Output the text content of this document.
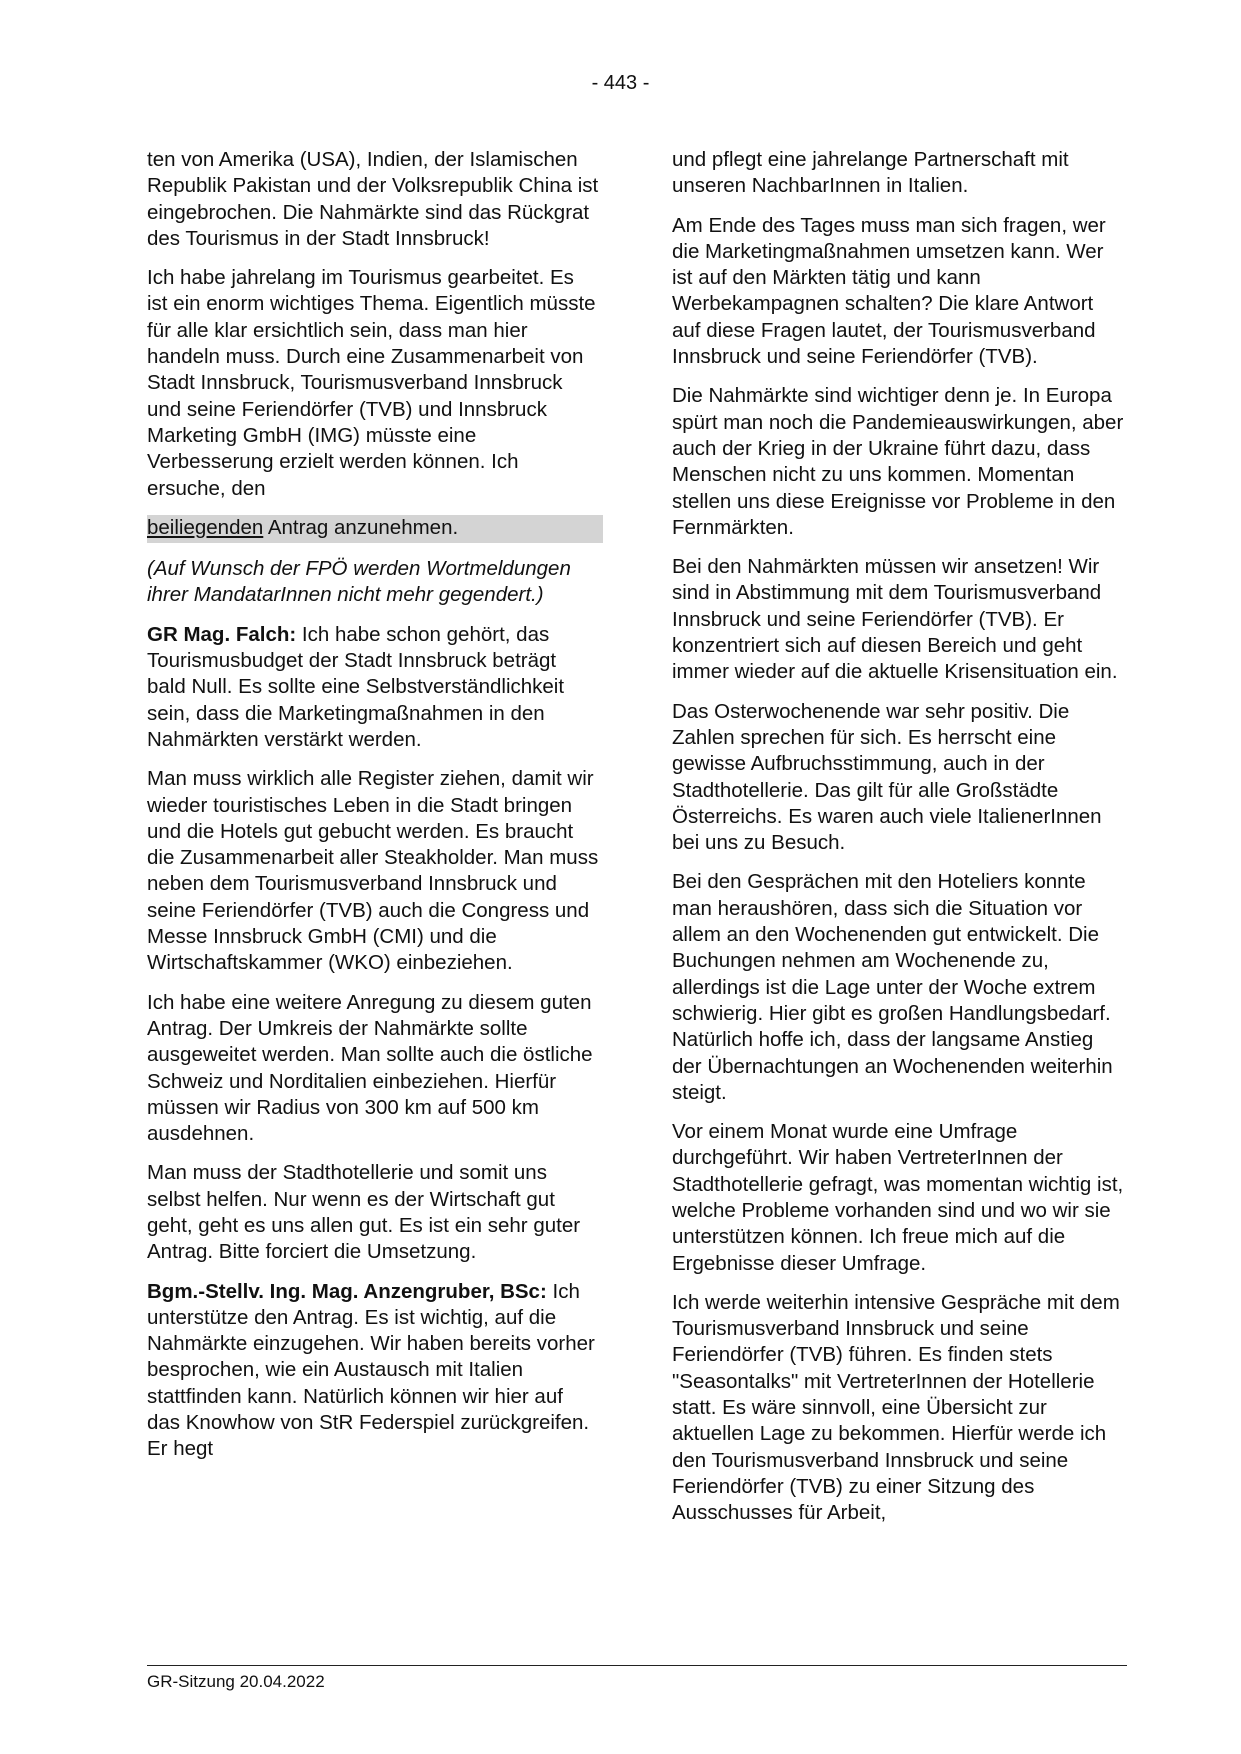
- 443 -

ten von Amerika (USA), Indien, der Islamischen Republik Pakistan und der Volksrepublik China ist eingebrochen. Die Nahmärkte sind das Rückgrat des Tourismus in der Stadt Innsbruck!

Ich habe jahrelang im Tourismus gearbeitet. Es ist ein enorm wichtiges Thema. Eigentlich müsste für alle klar ersichtlich sein, dass man hier handeln muss. Durch eine Zusammenarbeit von Stadt Innsbruck, Tourismusverband Innsbruck und seine Feriendörfer (TVB) und Innsbruck Marketing GmbH (IMG) müsste eine Verbesserung erzielt werden können. Ich ersuche, den

beiliegenden Antrag anzunehmen.

(Auf Wunsch der FPÖ werden Wortmeldungen ihrer MandatarInnen nicht mehr gegendert.)

GR Mag. Falch: Ich habe schon gehört, das Tourismusbudget der Stadt Innsbruck beträgt bald Null. Es sollte eine Selbstverständlichkeit sein, dass die Marketingmaßnahmen in den Nahmärkten verstärkt werden.

Man muss wirklich alle Register ziehen, damit wir wieder touristisches Leben in die Stadt bringen und die Hotels gut gebucht werden. Es braucht die Zusammenarbeit aller Steakholder. Man muss neben dem Tourismusverband Innsbruck und seine Feriendörfer (TVB) auch die Congress und Messe Innsbruck GmbH (CMI) und die Wirtschaftskammer (WKO) einbeziehen.

Ich habe eine weitere Anregung zu diesem guten Antrag. Der Umkreis der Nahmärkte sollte ausgeweitet werden. Man sollte auch die östliche Schweiz und Norditalien einbeziehen. Hierfür müssen wir Radius von 300 km auf 500 km ausdehnen.

Man muss der Stadthotellerie und somit uns selbst helfen. Nur wenn es der Wirtschaft gut geht, geht es uns allen gut. Es ist ein sehr guter Antrag. Bitte forciert die Umsetzung.

Bgm.-Stellv. Ing. Mag. Anzengruber, BSc: Ich unterstütze den Antrag. Es ist wichtig, auf die Nahmärkte einzugehen. Wir haben bereits vorher besprochen, wie ein Austausch mit Italien stattfinden kann. Natürlich können wir hier auf das Knowhow von StR Federspiel zurückgreifen. Er hegt

und pflegt eine jahrelange Partnerschaft mit unseren NachbarInnen in Italien.

Am Ende des Tages muss man sich fragen, wer die Marketingmaßnahmen umsetzen kann. Wer ist auf den Märkten tätig und kann Werbekampagnen schalten? Die klare Antwort auf diese Fragen lautet, der Tourismusverband Innsbruck und seine Feriendörfer (TVB).

Die Nahmärkte sind wichtiger denn je. In Europa spürt man noch die Pandemieauswirkungen, aber auch der Krieg in der Ukraine führt dazu, dass Menschen nicht zu uns kommen. Momentan stellen uns diese Ereignisse vor Probleme in den Fernmärkten.

Bei den Nahmärkten müssen wir ansetzen! Wir sind in Abstimmung mit dem Tourismusverband Innsbruck und seine Feriendörfer (TVB). Er konzentriert sich auf diesen Bereich und geht immer wieder auf die aktuelle Krisensituation ein.

Das Osterwochenende war sehr positiv. Die Zahlen sprechen für sich. Es herrscht eine gewisse Aufbruchsstimmung, auch in der Stadthotellerie. Das gilt für alle Großstädte Österreichs. Es waren auch viele ItalienerInnen bei uns zu Besuch.

Bei den Gesprächen mit den Hoteliers konnte man heraushören, dass sich die Situation vor allem an den Wochenenden gut entwickelt. Die Buchungen nehmen am Wochenende zu, allerdings ist die Lage unter der Woche extrem schwierig. Hier gibt es großen Handlungsbedarf. Natürlich hoffe ich, dass der langsame Anstieg der Übernachtungen an Wochenenden weiterhin steigt.

Vor einem Monat wurde eine Umfrage durchgeführt. Wir haben VertreterInnen der Stadthotellerie gefragt, was momentan wichtig ist, welche Probleme vorhanden sind und wo wir sie unterstützen können. Ich freue mich auf die Ergebnisse dieser Umfrage.

Ich werde weiterhin intensive Gespräche mit dem Tourismusverband Innsbruck und seine Feriendörfer (TVB) führen. Es finden stets "Seasontalks" mit VertreterInnen der Hotellerie statt. Es wäre sinnvoll, eine Übersicht zur aktuellen Lage zu bekommen. Hierfür werde ich den Tourismusverband Innsbruck und seine Feriendörfer (TVB) zu einer Sitzung des Ausschusses für Arbeit,

GR-Sitzung 20.04.2022
